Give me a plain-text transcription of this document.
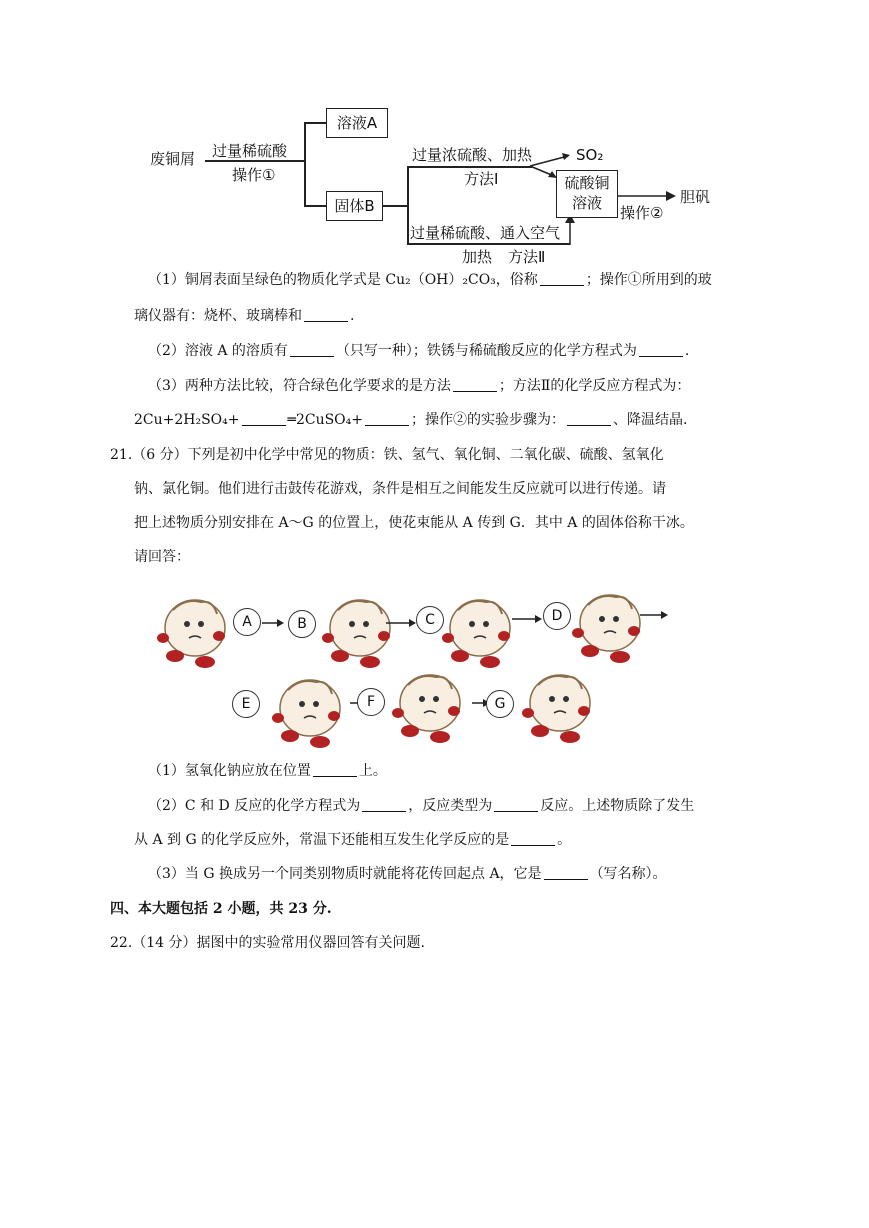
废铜屑 过量稀硫酸
操作①
溶液A
固体B
过量浓硫酸、加热
方法Ⅰ
SO₂
硫酸铜
溶液
操作②
胆矾
过量稀硫酸、通入空气
加热 方法Ⅱ
（1）铜屑表面呈绿色的物质化学式是 Cu₂（OH）₂CO₃，俗称	；操作①所用到的玻
璃仪器有：烧杯、玻璃棒和	.
（2）溶液 A 的溶质有	（只写一种）；铁锈与稀硫酸反应的化学方程式为	.
（3）两种方法比较，符合绿色化学要求的是方法	；方法Ⅱ的化学反应方程式为：
2Cu+2H₂SO₄+	═2CuSO₄+	；操作②的实验步骤为：	、降温结晶.
21.（6 分）下列是初中化学中常见的物质：铁、氢气、氧化铜、二氧化碳、硫酸、氢氧化
钠、氯化铜。他们进行击鼓传花游戏，条件是相互之间能发生反应就可以进行传递。请
把上述物质分别安排在 A～G 的位置上，使花束能从 A 传到 G．其中 A 的固体俗称干冰。
请回答：
A	B	C	D
E	F	G
（1）氢氧化钠应放在位置	上。
（2）C 和 D 反应的化学方程式为	，反应类型为	反应。上述物质除了发生
从 A 到 G 的化学反应外，常温下还能相互发生化学反应的是	。
（3）当 G 换成另一个同类别物质时就能将花传回起点 A，它是	（写名称）。
四、本大题包括 2 小题，共 23 分.
22.（14 分）据图中的实验常用仪器回答有关问题.
